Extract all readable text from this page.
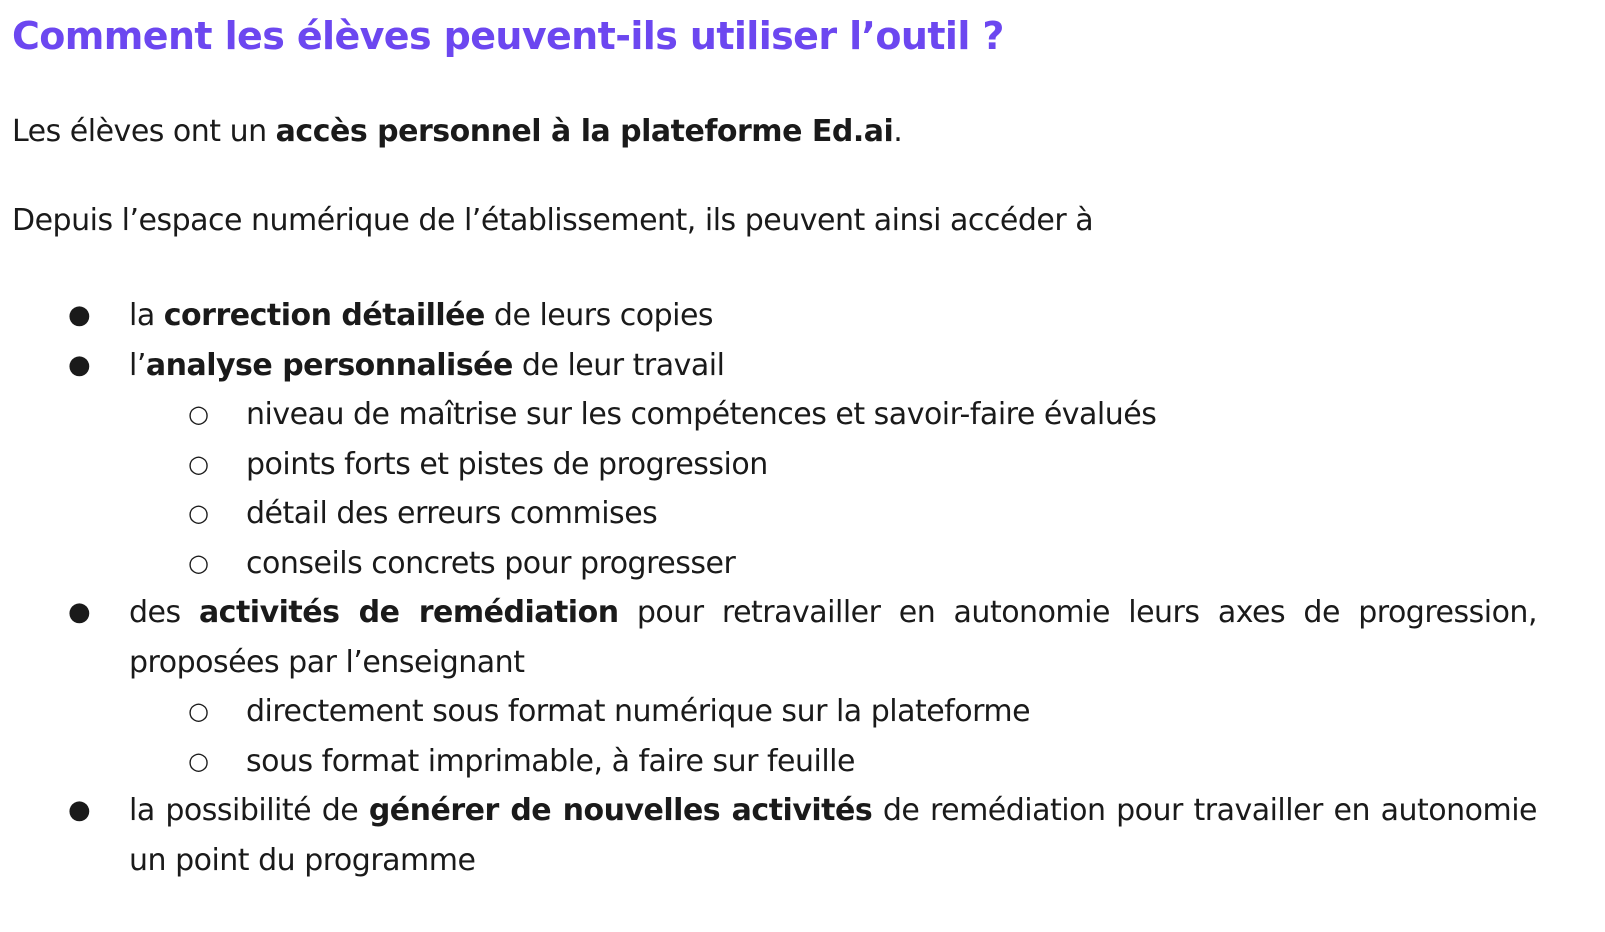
Comment les élèves peuvent-ils utiliser l’outil ?

Les élèves ont un accès personnel à la plateforme Ed.ai.

Depuis l’espace numérique de l’établissement, ils peuvent ainsi accéder à

● la correction détaillée de leurs copies
● l’analyse personnalisée de leur travail
○ niveau de maîtrise sur les compétences et savoir-faire évalués
○ points forts et pistes de progression
○ détail des erreurs commises
○ conseils concrets pour progresser
● des activités de remédiation pour retravailler en autonomie leurs axes de progression, proposées par l’enseignant
○ directement sous format numérique sur la plateforme
○ sous format imprimable, à faire sur feuille
● la possibilité de générer de nouvelles activités de remédiation pour travailler en autonomie un point du programme
